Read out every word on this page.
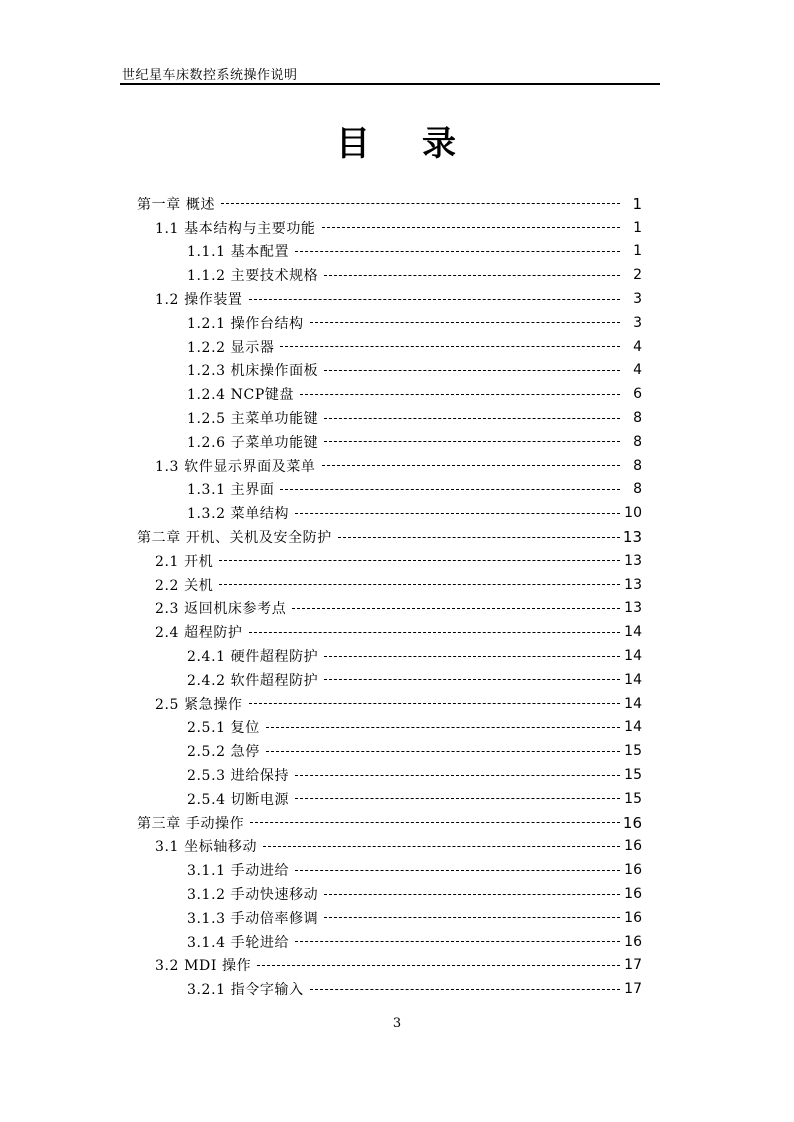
世纪星车床数控系统操作说明
目 录
第一章 概述	1
1.1 基本结构与主要功能	1
1.1.1 基本配置	1
1.1.2 主要技术规格	2
1.2 操作装置	3
1.2.1 操作台结构	3
1.2.2 显示器	4
1.2.3 机床操作面板	4
1.2.4 NCP键盘	6
1.2.5 主菜单功能键	8
1.2.6 子菜单功能键	8
1.3 软件显示界面及菜单	8
1.3.1 主界面	8
1.3.2 菜单结构	10
第二章 开机、关机及安全防护	13
2.1 开机	13
2.2 关机	13
2.3 返回机床参考点	13
2.4 超程防护	14
2.4.1 硬件超程防护	14
2.4.2 软件超程防护	14
2.5 紧急操作	14
2.5.1 复位	14
2.5.2 急停	15
2.5.3 进给保持	15
2.5.4 切断电源	15
第三章 手动操作	16
3.1 坐标轴移动	16
3.1.1 手动进给	16
3.1.2 手动快速移动	16
3.1.3 手动倍率修调	16
3.1.4 手轮进给	16
3.2 MDI 操作	17
3.2.1 指令字输入	17
3
